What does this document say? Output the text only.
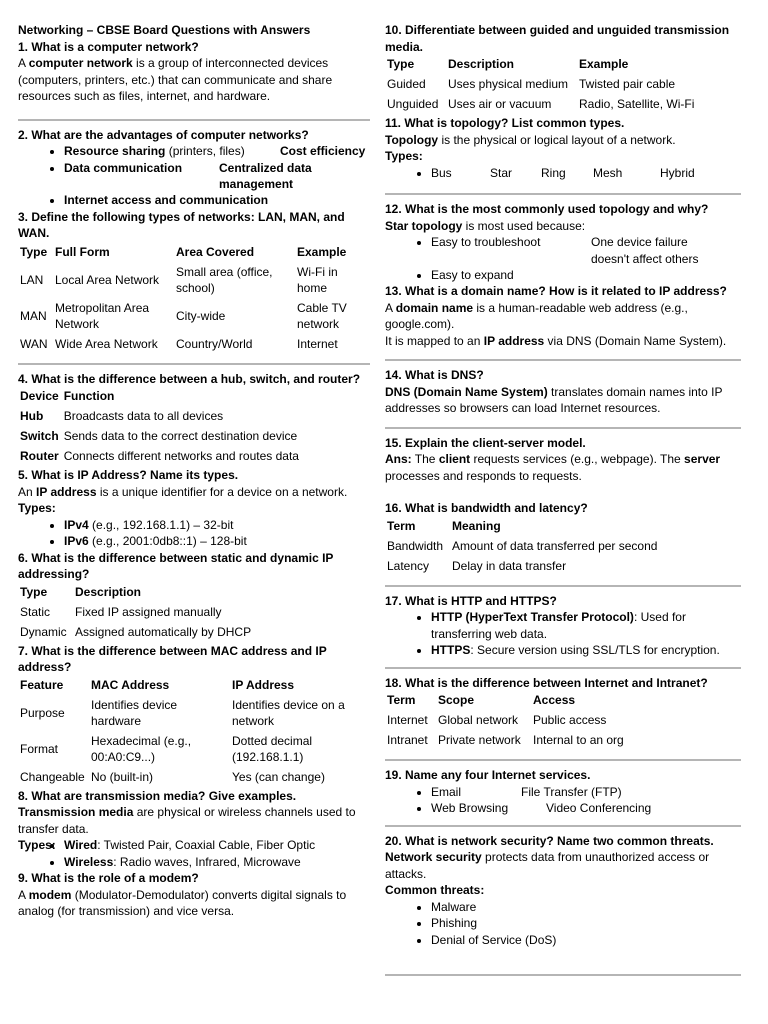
Networking – CBSE Board Questions with Answers

1. What is a computer network?

A computer network is a group of interconnected devices (computers, printers, etc.) that can communicate and share resources such as files, internet, and hardware.

2. What are the advantages of computer networks?

• Resource sharing (printers, files)	Cost efficiency
• Data communication	Centralized data management
• Internet access and communication

3. Define the following types of networks: LAN, MAN, and WAN.

Type	Full Form	Area Covered	Example
LAN	Local Area Network	Small area (office, school)	Wi-Fi in home
MAN	Metropolitan Area Network	City-wide	Cable TV network
WAN	Wide Area Network	Country/World	Internet

4. What is the difference between a hub, switch, and router?

Device	Function
Hub	Broadcasts data to all devices
Switch	Sends data to the correct destination device
Router	Connects different networks and routes data

5. What is IP Address? Name its types.

An IP address is a unique identifier for a device on a network.

Types:

• IPv4 (e.g., 192.168.1.1) – 32-bit
• IPv6 (e.g., 2001:0db8::1) – 128-bit

6. What is the difference between static and dynamic IP addressing?

Type	Description
Static	Fixed IP assigned manually
Dynamic	Assigned automatically by DHCP

7. What is the difference between MAC address and IP address?

Feature	MAC Address	IP Address
Purpose	Identifies device hardware	Identifies device on a network
Format	Hexadecimal (e.g., 00:A0:C9...)	Dotted decimal (192.168.1.1)
Changeable	No (built-in)	Yes (can change)

8. What are transmission media? Give examples.

Transmission media are physical or wireless channels used to transfer data.

Types: • Wired: Twisted Pair, Coaxial Cable, Fiber Optic
• Wireless: Radio waves, Infrared, Microwave

9. What is the role of a modem?

A modem (Modulator-Demodulator) converts digital signals to analog (for transmission) and vice versa.

10. Differentiate between guided and unguided transmission media.

Type	Description	Example
Guided	Uses physical medium	Twisted pair cable
Unguided	Uses air or vacuum	Radio, Satellite, Wi-Fi

11. What is topology? List common types.

Topology is the physical or logical layout of a network.

Types:

• Bus	Star Ring Mesh	Hybrid

12. What is the most commonly used topology and why?

Star topology is most used because:

• Easy to troubleshoot	One device failure doesn't affect others
• Easy to expand

13. What is a domain name? How is it related to IP address?

A domain name is a human-readable web address (e.g., google.com).

It is mapped to an IP address via DNS (Domain Name System).

14. What is DNS?

DNS (Domain Name System) translates domain names into IP addresses so browsers can load Internet resources.

15. Explain the client-server model.

Ans: The client requests services (e.g., webpage). The server processes and responds to requests.

16. What is bandwidth and latency?

Term	Meaning
Bandwidth	Amount of data transferred per second
Latency	Delay in data transfer

17. What is HTTP and HTTPS?

• HTTP (HyperText Transfer Protocol): Used for transferring web data.
• HTTPS: Secure version using SSL/TLS for encryption.

18. What is the difference between Internet and Intranet?

Term	Scope	Access
Internet	Global network	Public access
Intranet	Private network	Internal to an org

19. Name any four Internet services.

• Email	File Transfer (FTP)
• Web Browsing	Video Conferencing

20. What is network security? Name two common threats.

Network security protects data from unauthorized access or attacks.

Common threats:

• Malware
• Phishing
• Denial of Service (DoS)
